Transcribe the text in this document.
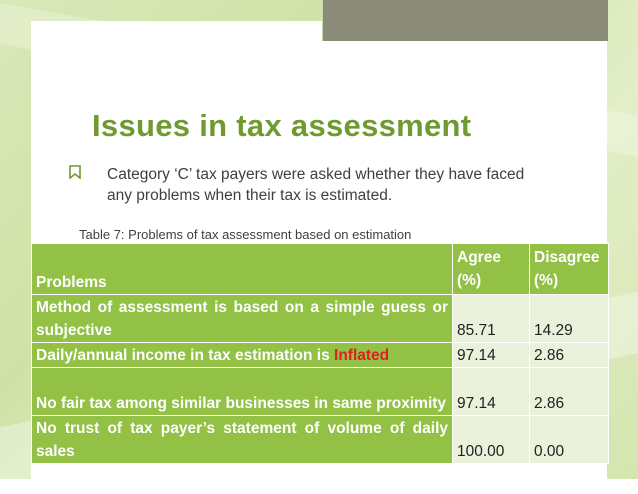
Issues in tax assessment
Category ‘C’ tax payers were asked whether they have faced any problems when their tax is estimated.
Table 7: Problems of tax assessment based on estimation
Problems	Agree (%)	Disagree (%)
Method of assessment is based on a simple guess or subjective	85.71	14.29
Daily/annual income in tax estimation is Inflated	97.14	2.86
No fair tax among similar businesses in same proximity	97.14	2.86
No trust of tax payer’s statement of volume of daily sales	100.00	0.00
